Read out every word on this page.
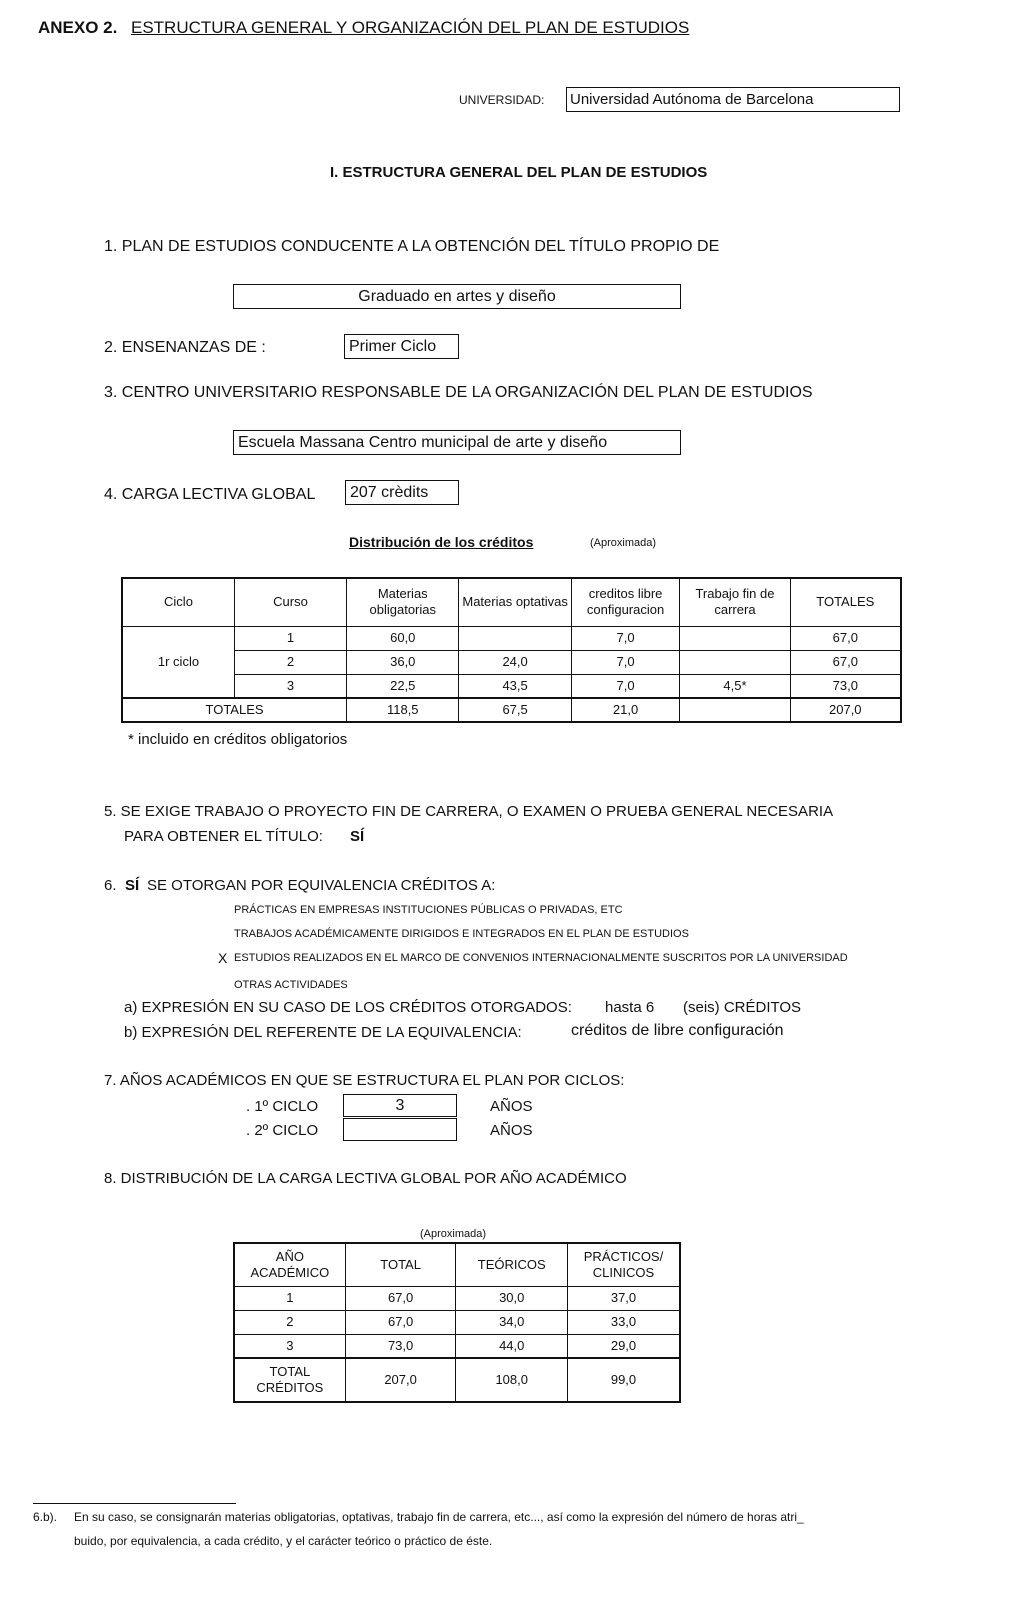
ANEXO 2. ESTRUCTURA GENERAL Y ORGANIZACIÓN DEL PLAN DE ESTUDIOS
UNIVERSIDAD: Universidad Autónoma de Barcelona
I. ESTRUCTURA GENERAL DEL PLAN DE ESTUDIOS
1. PLAN DE ESTUDIOS CONDUCENTE A LA OBTENCIÓN DEL TÍTULO PROPIO DE
Graduado en artes y diseño
2. ENSENANZAS DE :	Primer Ciclo
3. CENTRO UNIVERSITARIO RESPONSABLE DE LA ORGANIZACIÓN DEL PLAN DE ESTUDIOS
Escuela Massana Centro municipal de arte y diseño
4. CARGA LECTIVA GLOBAL 207 crèdits
Distribución de los créditos	(Aproximada)
Ciclo	Curso	Materias obligatorias	Materias optativas	creditos libre configuracion	Trabajo fin de carrera	TOTALES
1r ciclo	1	60,0		7,0		67,0
	2	36,0	24,0	7,0		67,0
	3	22,5	43,5	7,0	4,5*	73,0
TOTALES		118,5	67,5	21,0		207,0
* incluido en créditos obligatorios
5. SE EXIGE TRABAJO O PROYECTO FIN DE CARRERA, O EXAMEN O PRUEBA GENERAL NECESARIA
PARA OBTENER EL TÍTULO: SÍ
6. SÍ SE OTORGAN POR EQUIVALENCIA CRÉDITOS A:
PRÁCTICAS EN EMPRESAS INSTITUCIONES PÚBLICAS O PRIVADAS, ETC
TRABAJOS ACADÉMICAMENTE DIRIGIDOS E INTEGRADOS EN EL PLAN DE ESTUDIOS
X ESTUDIOS REALIZADOS EN EL MARCO DE CONVENIOS INTERNACIONALMENTE SUSCRITOS POR LA UNIVERSIDAD
OTRAS ACTIVIDADES
a) EXPRESIÓN EN SU CASO DE LOS CRÉDITOS OTORGADOS: hasta 6 (seis) CRÉDITOS
b) EXPRESIÓN DEL REFERENTE DE LA EQUIVALENCIA:	créditos de libre configuración
7. AÑOS ACADÉMICOS EN QUE SE ESTRUCTURA EL PLAN POR CICLOS:
. 1º CICLO	3	AÑOS
. 2º CICLO	AÑOS
8. DISTRIBUCIÓN DE LA CARGA LECTIVA GLOBAL POR AÑO ACADÉMICO
(Aproximada)
AÑO ACADÉMICO	TOTAL	TEÓRICOS	PRÁCTICOS/ CLINICOS
1	67,0	30,0	37,0
2	67,0	34,0	33,0
3	73,0	44,0	29,0
TOTAL CRÉDITOS	207,0	108,0	99,0
6.b). En su caso, se consignarán materias obligatorias, optativas, trabajo fin de carrera, etc..., así como la expresión del número de horas atri_
buido, por equivalencia, a cada crédito, y el carácter teórico o práctico de éste.
